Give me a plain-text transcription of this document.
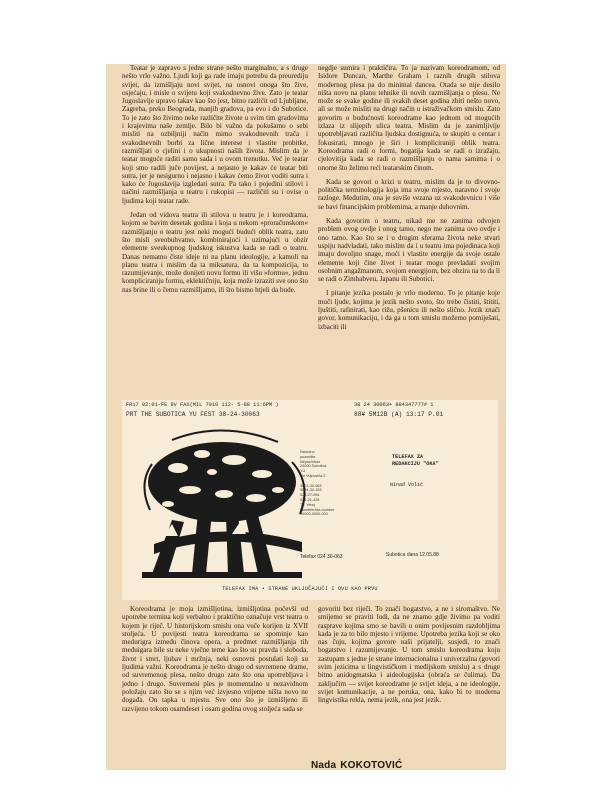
Teatar je zapravo s jedne strane nešto marginalno, a s druge nešto vrlo važno. Ljudi koji ga rade imaju potrebu da preurediju svijet, da izmišljaju novi svijet, na osnovi onoga što žive, osjećaju, i misle o svijetu koji svakodnevno žive. Zato je teatar Jugoslavije upravo takav kao što jest, bitno različit od Ljubljane, Zagreba, preko Beograda, manjih gradova, pa evo i do Subotice. To je zato što živimo neke različite živote u svim tim gradovima i krajevima naše zemlje. Bilo bi važno da pokušamo o sebi misliti na ozbiljniji način mimo svakodnevnih trača i svakodnevnih borbi za lične interese i vlastite probitke, razmišljati o cjelini i o ukupnosti naših života. Mislim da je teatar moguće raditi samo sada i u ovom trenutku. Već je teatar koji smo radili juče povijest, a nejasno je kakav će teatar biti sutra, jer je nesigurno i nejasno i kakav ćemo život voditi sutra i kako će Jugoslavija izgledati sutra. Pa tako i pojedini stilovi i načini razmišljanja u teatru i rukopisi — različiti su i ovise o ljudima koji teatar rade.

Jedan od vidova teatra ili stilova u teatru je i koreodrama, kojom se bavim desetak godina i koja u nekom »proračunskom« razmišljanju o teatru jest neki mogući budući oblik teatra, zato što misli sveobuhvatno, kombinirajući i uzimajući u obzir elemente sveukupnog ljudskog iskustva kada se radi o teatru. Danas nemamo čiste ideje ni na planu ideologije, a kamoli na planu teatra i mislim da ta miksatura, da ta kompozicija, to razumijevanje, može donijeti novu formu ili višu »formu«, jednu kompliciraniju formu, eklektičniju, koja može izraziti sve ono što nas brine ili o čemu razmišljamo, ili što bismo htjeli da bude.

negdje sumira i praktičira. To ja nazivam koreodramom, od Isidore Duncan, Marthe Graham i raznih drugih stilova modernog plesa pa do minimal dancea. Otada se nije desilo ništa novo na planu tehnike ili novih razmišljanja o plesu. Ne može se svake godine ili svakih deset godina zbiti nešto novo, ali se može misliti na drugi način u istraživačkom smislu. Zato govorim o budućnosti koreodrame kao jednom od mogućih izlaza iz slijepih ulica teatra. Mislim da je zanimljivije upotrebljavati različita ljudska dostignuća, te skupiti u centar i fokusirati, mnogo je širi i kompliciraniji oblik teatra. Koreodrama radi o formi, bogatija kada se radi o izražaju, cjelovitija kada se radi o razmišljanju o nama samima i o onome što želimo reći teatarskim činom.

Kada se govori o krizi u teatru, mislim da je to divovno-politička terminologija koja ima svoje mjesto, naravno i svoje razloge. Međutim, ona je suviše vezana uz svakodevnicu i više se bavi financijskim problemima, a manje duhovnim.

Kada govorim o teatru, nikad me ne zanima odvojen problem ovog ovdje i onog tamo, nego me zanima ovo ovdje i ono tamo. Kao što se i u drugim sferama života neke stvari uspiju nadvladati, tako mislim da i u teatru ima pojedinaca koji imaju dovoljno snage, moći i vlastite energije da svoje ostale elemente koji čine život i teatar mogu prevladati svojim osobnim angažmanom, svojom energijom, bez obzira na to da li se radi o Zimbabveu, Japanu ili Subotici.

I pitanje jezika postalo je vrlo moderno. To je pitanje koje muči ljude, kojima je jezik nešto svoto, što trebe čistiti, štititi, ljuštiti, rafinirati, kao rižu, pšenicu ili nešto slično. Jezik znači govor, komunikaciju, i da ga u tom smislu možemo pomiješati, izbaciti ili

FR17 02:01-FE 8V FAX(MIL 7010 112- 5-88 11:6PM )
PRT THE SUBOTICA YU FEST 38-24-30063
38 24 30063+ 884347777# 1
88¥ 5M12B (A) 13:17 P.01
Narodno
pozorište-
Népszínház
24000 Subotica
YU
Ive Vojnovića 2

3821-30-063
3824-30-153
024-27-054
024-21-428
Tx: Yenq
faks/tele:fax-number
00000-0000-000
TELEFAX ZA
REDAKCIJU "OKA"
Ninad Volić
Telefax 024 30-063	Subotica dana 12.05.88
TELEFAX IMA • STRANE UKLJUČAJUĆI I OVU KAO PRVU

Koreodrama je moja izmišljotina, izmišljotina počevši od upotrebe termina koji verbalno i praktično označuje vrst teatra o kojem je riječ. U historijskom smislu ona vuče korijen iz XVII stoljeća. U povijesti teatra koreodrama se spominje kao medurigra između činova opera, a predmet razmišljanja tih međuigara bile su neke vječne teme kao što su pravda i sloboda, život i smrt, ljubav i mržnja, neki osnovni postulati koji su ljudima važni. Koreodrama je nešto drugo od suvremene drame, od suvremenog plesa, nešto drugo zato što ona upotrebljava i jedno i drugo. Suvremeni ples je momentalno u nezavidnom položaju zato što se s njim već izvjesno vrijeme ništa novo ne događa. On tapka u mjestu. Sve ono što je izmišljeno ili razvijeno tokom osamdeset i osam godina ovog stoljeća sada se

govoriti bez riječi. To znači bogatstvo, a ne i siromaštvo. Ne smijemo se praviti ludi, da ne znamo gdje živimo pa voditi rasprave kojima smo se bavili u onim povijesnim razdobljima kada je za to bilo mjesto i vrijeme. Upotreba jezika koji se oko nas čuju, kojima govore naši prijatelji, susjedi, to znači bogatstvo i razumijevanje. U tom smislu koreodrama koju zastupam s jedne je strane internacionalna i univerzalna (govori svim jezicima u lingvističkom i međijskom smislu) a s druge bitno anidogmatska i aideologijska (obraća se čulima). Da zaključim — svijet koreodrame je svijet ideja, a ne ideologije, svijet komunikacije, a ne poruka, ona, kako bi to moderna lingvistika rekla, nema jezik, ona jest jezik.

Nada KOKOTOVIĆ
